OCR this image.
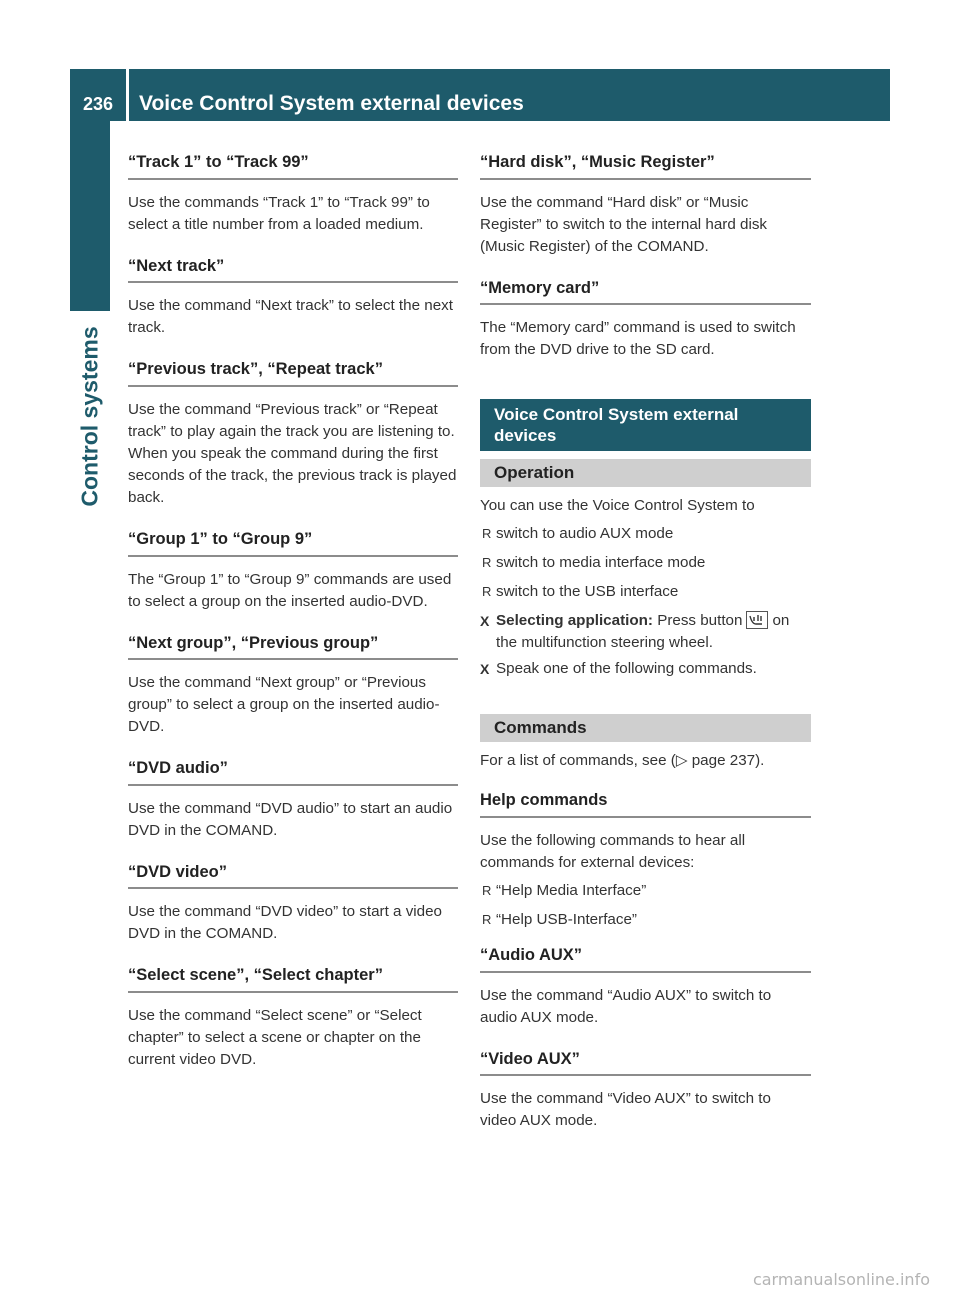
236	Voice Control System external devices
Control systems
“Track 1” to “Track 99”
Use the commands “Track 1” to “Track 99” to select a title number from a loaded medium.
“Next track”
Use the command “Next track” to select the next track.
“Previous track”, “Repeat track”
Use the command “Previous track” or “Repeat track” to play again the track you are listening to. When you speak the command during the first seconds of the track, the previous track is played back.
“Group 1” to “Group 9”
The “Group 1” to “Group 9” commands are used to select a group on the inserted audio-DVD.
“Next group”, “Previous group”
Use the command “Next group” or “Previous group” to select a group on the inserted audio-DVD.
“DVD audio”
Use the command “DVD audio” to start an audio DVD in the COMAND.
“DVD video”
Use the command “DVD video” to start a video DVD in the COMAND.
“Select scene”, “Select chapter”
Use the command “Select scene” or “Select chapter” to select a scene or chapter on the current video DVD.
“Hard disk”, “Music Register”
Use the command “Hard disk” or “Music Register” to switch to the internal hard disk (Music Register) of the COMAND.
“Memory card”
The “Memory card” command is used to switch from the DVD drive to the SD card.
Voice Control System external devices
Operation
You can use the Voice Control System to
R switch to audio AUX mode
R switch to media interface mode
R switch to the USB interface
X Selecting application: Press button on the multifunction steering wheel.
X Speak one of the following commands.
Commands
For a list of commands, see (▷ page 237).
Help commands
Use the following commands to hear all commands for external devices:
R “Help Media Interface”
R “Help USB-Interface”
“Audio AUX”
Use the command “Audio AUX” to switch to audio AUX mode.
“Video AUX”
Use the command “Video AUX” to switch to video AUX mode.
carmanualsonline.info
